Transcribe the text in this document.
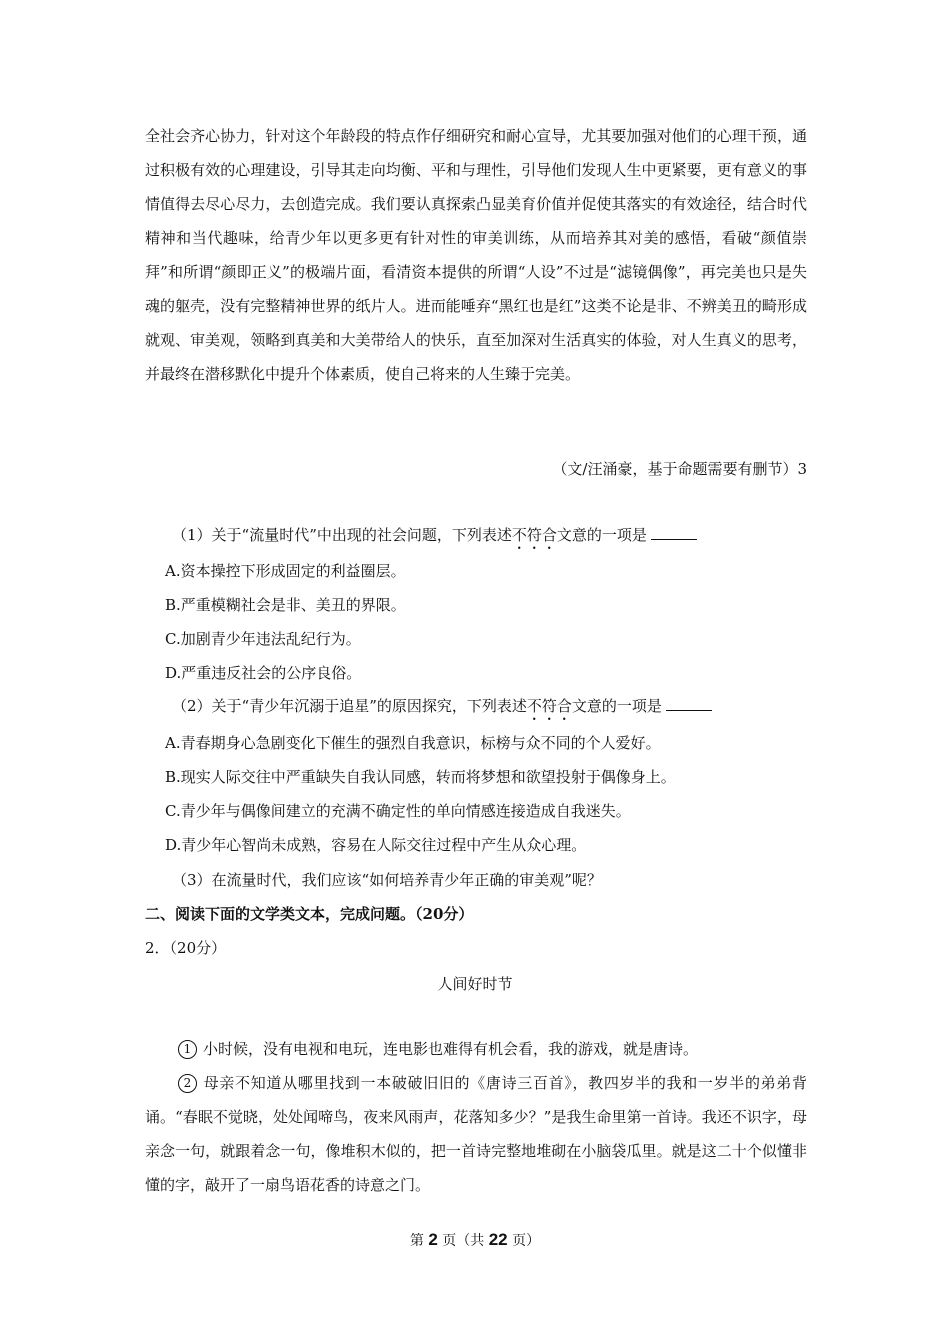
全社会齐心协力，针对这个年龄段的特点作仔细研究和耐心宣导，尤其要加强对他们的心理干预，通过积极有效的心理建设，引导其走向均衡、平和与理性，引导他们发现人生中更紧要，更有意义的事情值得去尽心尽力，去创造完成。我们要认真探索凸显美育价值并促使其落实的有效途径，结合时代精神和当代趣味，给青少年以更多更有针对性的审美训练，从而培养其对美的感悟，看破“颜值崇拜”和所谓“颜即正义”的极端片面，看清资本提供的所谓“人设”不过是“滤镜偶像”，再完美也只是失魂的躯壳，没有完整精神世界的纸片人。进而能唾弃“黑红也是红”这类不论是非、不辨美丑的畸形成就观、审美观，领略到真美和大美带给人的快乐，直至加深对生活真实的体验，对人生真义的思考，并最终在潜移默化中提升个体素质，使自己将来的人生臻于完美。
（文/汪涌豪，基于命题需要有删节）3
（1）关于“流量时代”中出现的社会问题，下列表述不符合文意的一项是
A.资本操控下形成固定的利益圈层。
B.严重模糊社会是非、美丑的界限。
C.加剧青少年违法乱纪行为。
D.严重违反社会的公序良俗。
（2）关于“青少年沉溺于追星”的原因探究，下列表述不符合文意的一项是
A.青春期身心急剧变化下催生的强烈自我意识，标榜与众不同的个人爱好。
B.现实人际交往中严重缺失自我认同感，转而将梦想和欲望投射于偶像身上。
C.青少年与偶像间建立的充满不确定性的单向情感连接造成自我迷失。
D.青少年心智尚未成熟，容易在人际交往过程中产生从众心理。
（3）在流量时代，我们应该“如何培养青少年正确的审美观”呢？
二、阅读下面的文学类文本，完成问题。（20分）
2．（20分）
人间好时节
1 小时候，没有电视和电玩，连电影也难得有机会看，我的游戏，就是唐诗。
2 母亲不知道从哪里找到一本破破旧旧的《唐诗三百首》，教四岁半的我和一岁半的弟弟背诵。“春眠不觉晓，处处闻啼鸟，夜来风雨声，花落知多少？”是我生命里第一首诗。我还不识字，母亲念一句，就跟着念一句，像堆积木似的，把一首诗完整地堆砌在小脑袋瓜里。就是这二十个似懂非懂的字，敲开了一扇鸟语花香的诗意之门。
第 2 页（共 22 页）
